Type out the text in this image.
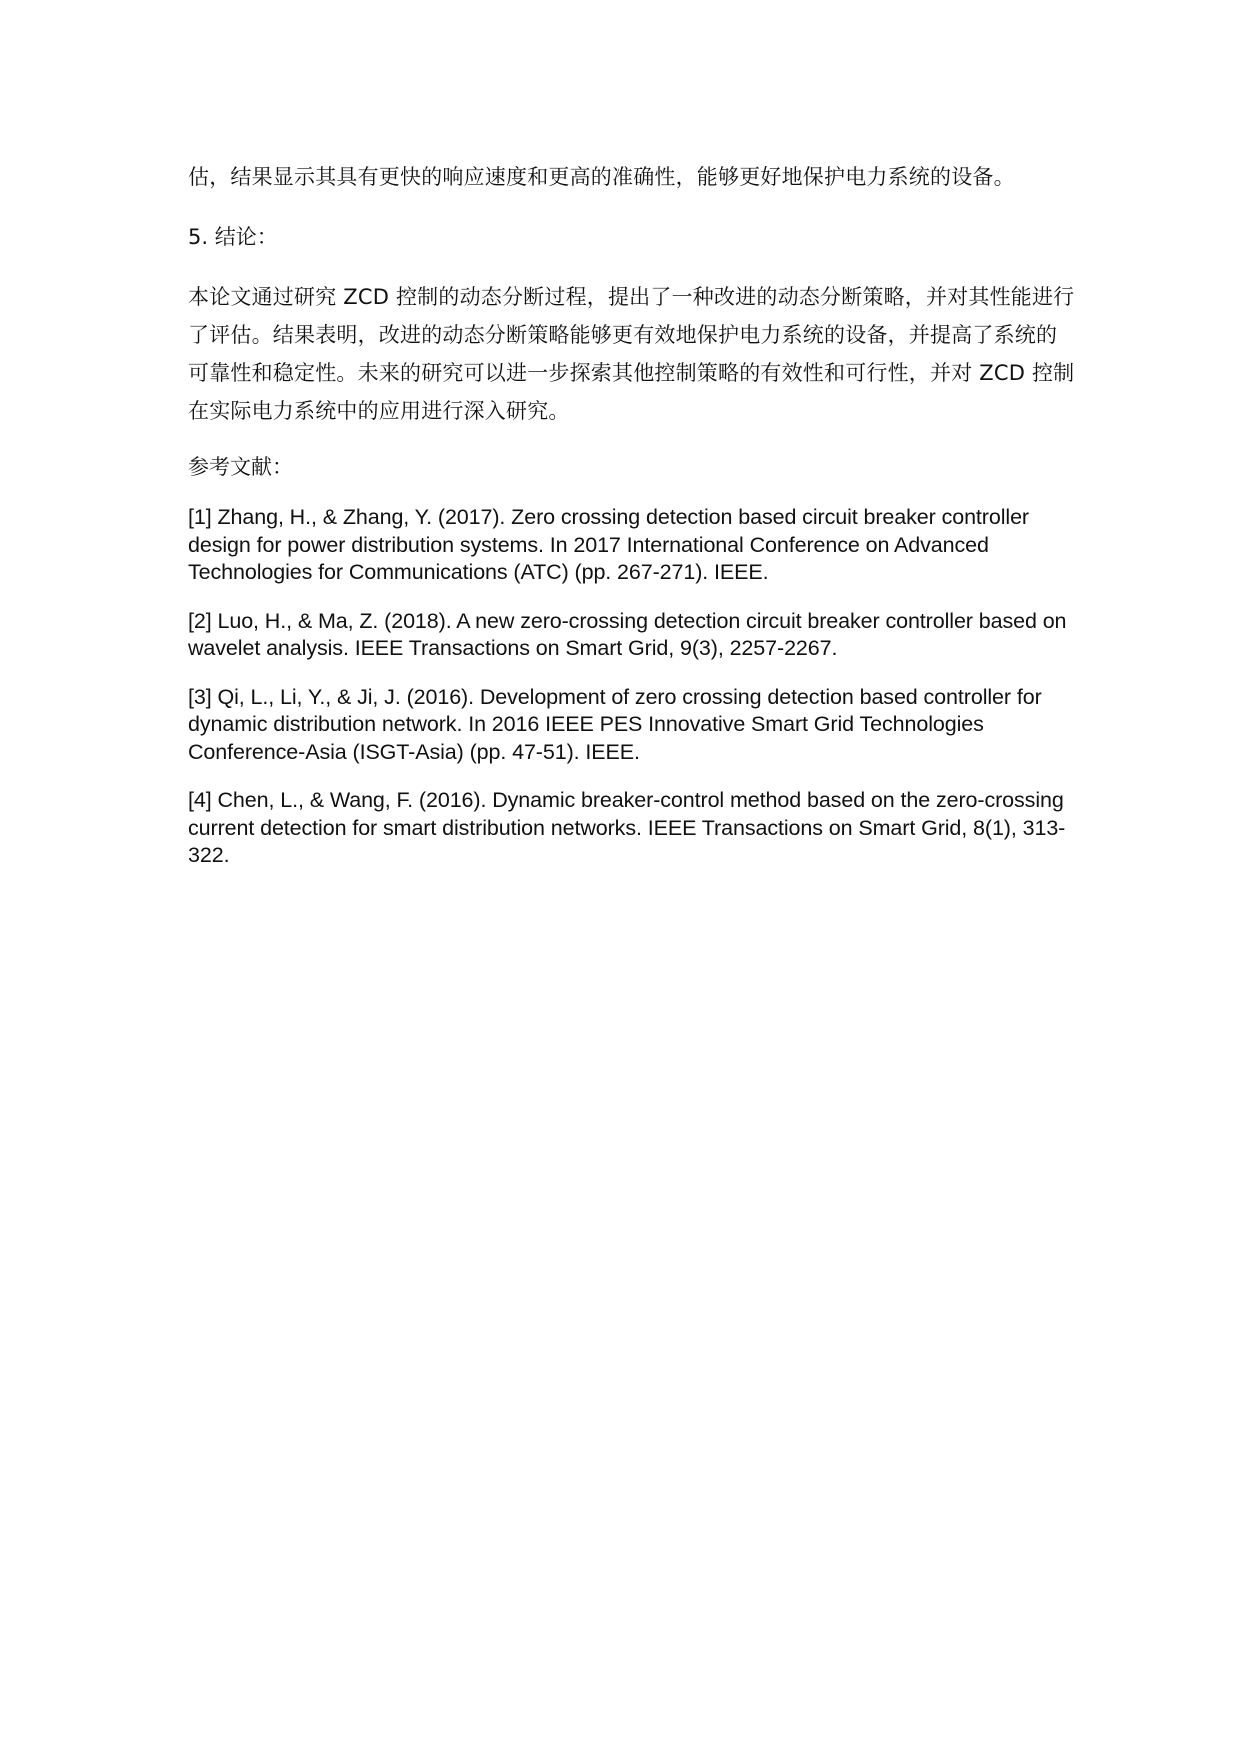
估，结果显示其具有更快的响应速度和更高的准确性，能够更好地保护电力系统的设备。

5. 结论：

本论文通过研究 ZCD 控制的动态分断过程，提出了一种改进的动态分断策略，并对其性能进行了评估。结果表明，改进的动态分断策略能够更有效地保护电力系统的设备，并提高了系统的可靠性和稳定性。未来的研究可以进一步探索其他控制策略的有效性和可行性，并对 ZCD 控制在实际电力系统中的应用进行深入研究。

参考文献：

[1] Zhang, H., & Zhang, Y. (2017). Zero crossing detection based circuit breaker controller design for power distribution systems. In 2017 International Conference on Advanced Technologies for Communications (ATC) (pp. 267-271). IEEE.

[2] Luo, H., & Ma, Z. (2018). A new zero-crossing detection circuit breaker controller based on wavelet analysis. IEEE Transactions on Smart Grid, 9(3), 2257-2267.

[3] Qi, L., Li, Y., & Ji, J. (2016). Development of zero crossing detection based controller for dynamic distribution network. In 2016 IEEE PES Innovative Smart Grid Technologies Conference-Asia (ISGT-Asia) (pp. 47-51). IEEE.

[4] Chen, L., & Wang, F. (2016). Dynamic breaker-control method based on the zero-crossing current detection for smart distribution networks. IEEE Transactions on Smart Grid, 8(1), 313-322.
